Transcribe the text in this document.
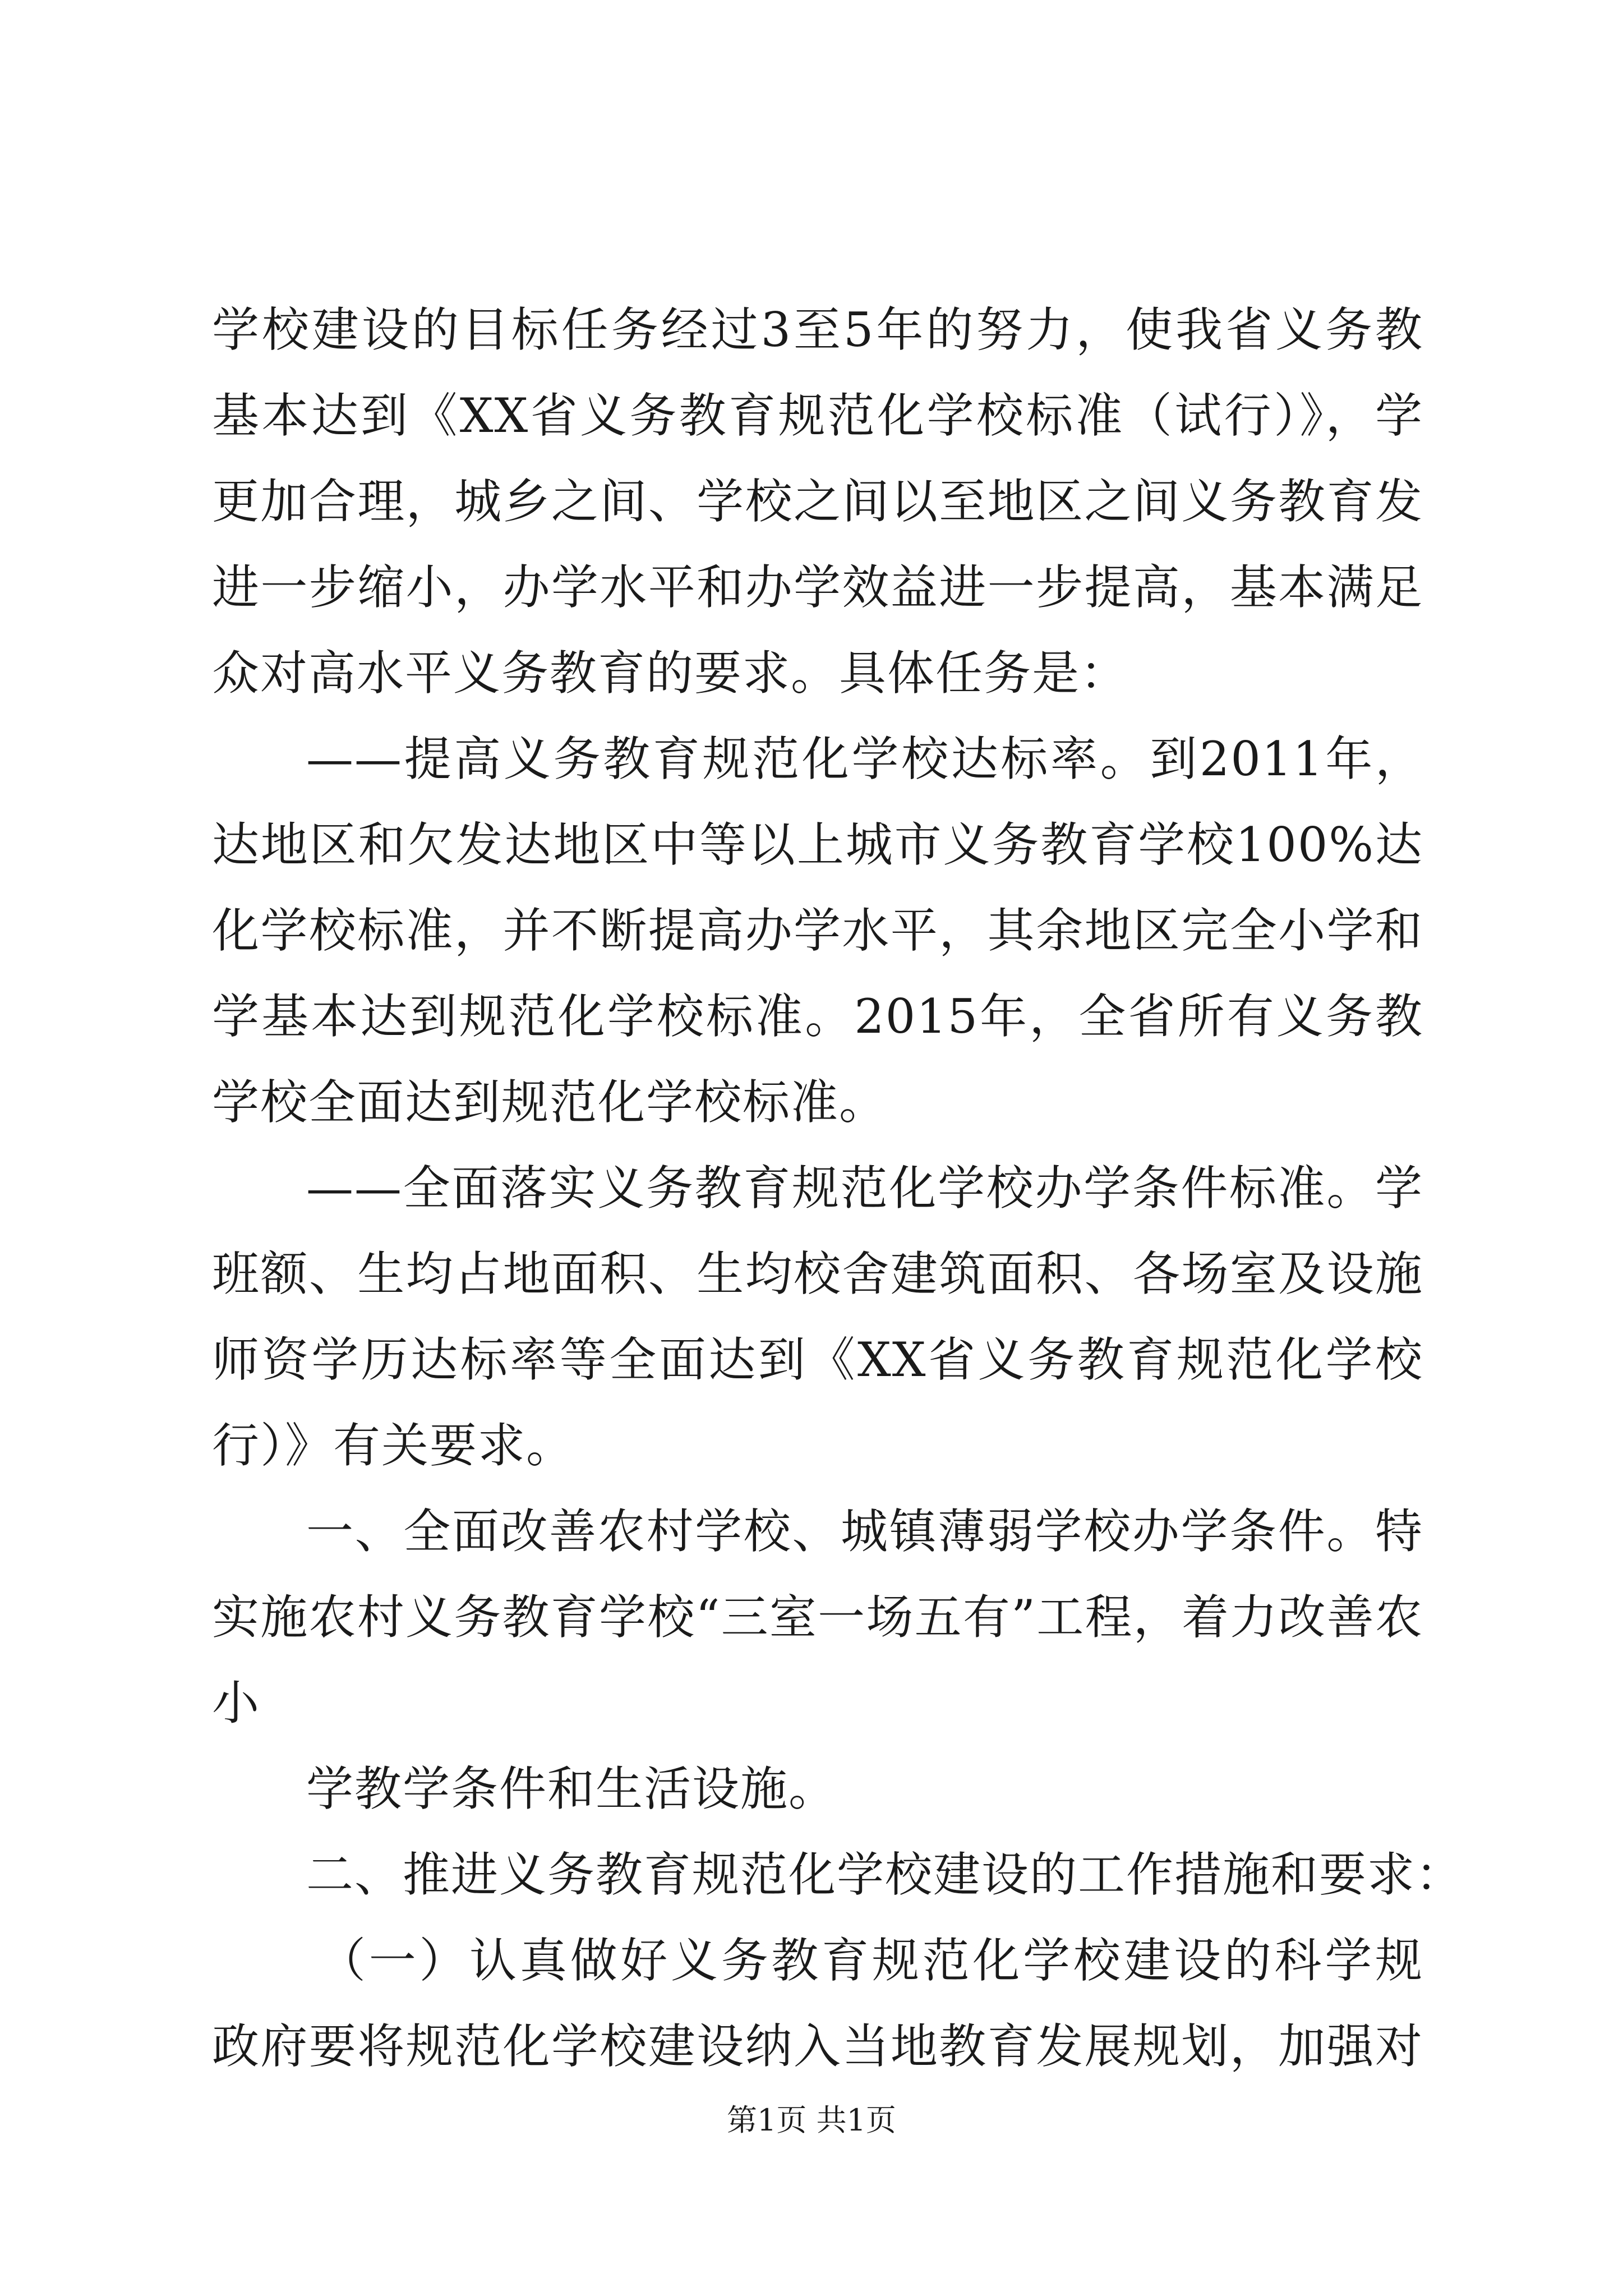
学校建设的目标任务经过3至5年的努力，使我省义务教
基本达到《XX省义务教育规范化学校标准（试行）》，学
更加合理，城乡之间、学校之间以至地区之间义务教育发
进一步缩小，办学水平和办学效益进一步提高，基本满足
众对高水平义务教育的要求。具体任务是：
——提高义务教育规范化学校达标率。到2011年，
达地区和欠发达地区中等以上城市义务教育学校100%达
化学校标准，并不断提高办学水平，其余地区完全小学和
学基本达到规范化学校标准。2015年，全省所有义务教
学校全面达到规范化学校标准。
——全面落实义务教育规范化学校办学条件标准。学
班额、生均占地面积、生均校舍建筑面积、各场室及设施
师资学历达标率等全面达到《XX省义务教育规范化学校
行）》有关要求。
一、全面改善农村学校、城镇薄弱学校办学条件。特
实施农村义务教育学校“三室一场五有”工程，着力改善农
小
学教学条件和生活设施。
二、推进义务教育规范化学校建设的工作措施和要求：
（一）认真做好义务教育规范化学校建设的科学规
政府要将规范化学校建设纳入当地教育发展规划，加强对
第1页 共1页
